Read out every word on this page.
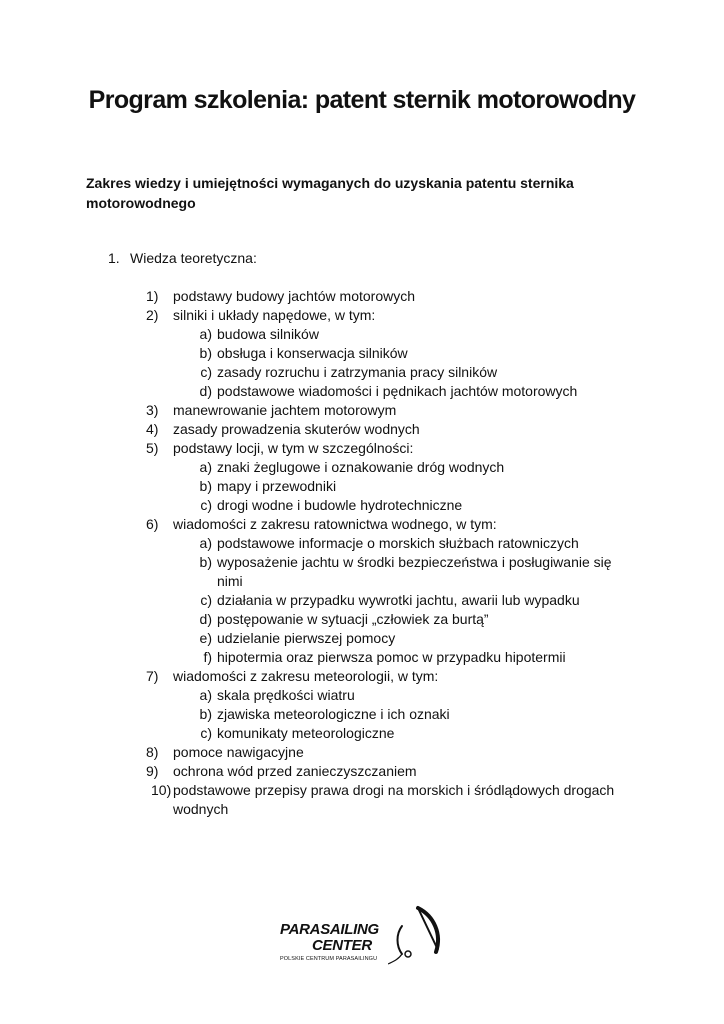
Program szkolenia: patent sternik motorowodny

Zakres wiedzy i umiejętności wymaganych do uzyskania patentu sternika motorowodnego

1. Wiedza teoretyczna:
1)	podstawy budowy jachtów motorowych
2)	silniki i układy napędowe, w tym:
a) budowa silników
b) obsługa i konserwacja silników
c) zasady rozruchu i zatrzymania pracy silników
d) podstawowe wiadomości i pędnikach jachtów motorowych
3)	manewrowanie jachtem motorowym
4)	zasady prowadzenia skuterów wodnych
5)	podstawy locji, w tym w szczególności:
a) znaki żeglugowe i oznakowanie dróg wodnych
b) mapy i przewodniki
c) drogi wodne i budowle hydrotechniczne
6)	wiadomości z zakresu ratownictwa wodnego, w tym:
a) podstawowe informacje o morskich służbach ratowniczych
b) wyposażenie jachtu w środki bezpieczeństwa i posługiwanie się nimi
c) działania w przypadku wywrotki jachtu, awarii lub wypadku
d) postępowanie w sytuacji „człowiek za burtą”
e) udzielanie pierwszej pomocy
f) hipotermia oraz pierwsza pomoc w przypadku hipotermii
7)	wiadomości z zakresu meteorologii, w tym:
a) skala prędkości wiatru
b) zjawiska meteorologiczne i ich oznaki
c) komunikaty meteorologiczne
8)	pomoce nawigacyjne
9)	ochrona wód przed zanieczyszczaniem
10) podstawowe przepisy prawa drogi na morskich i śródlądowych drogach wodnych
PARASAILING
CENTER
POLSKIE CENTRUM PARASAILINGU
